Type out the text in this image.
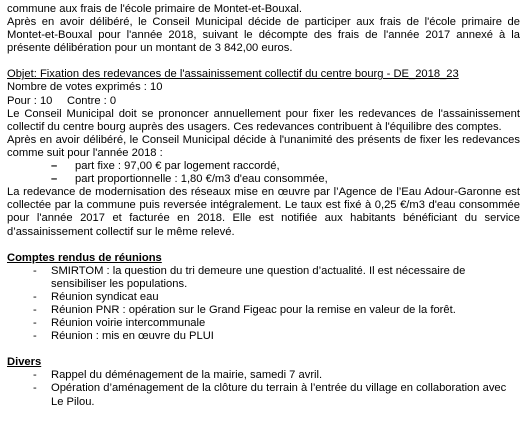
commune aux frais de l'école primaire de Montet-et-Bouxal.

Après en avoir délibéré, le Conseil Municipal décide de participer aux frais de l'école primaire de Montet-et-Bouxal pour l'année 2018, suivant le décompte des frais de l'année 2017 annexé à la présente délibération pour un montant de 3 842,00 euros.

Objet: Fixation des redevances de l'assainissement collectif du centre bourg - DE_2018_23

Nombre de votes exprimés : 10

Pour : 10	Contre : 0

Le Conseil Municipal doit se prononcer annuellement pour fixer les redevances de l'assainissement collectif du centre bourg auprès des usagers. Ces redevances contribuent à l'équilibre des comptes.

Après en avoir délibéré, le Conseil Municipal décide à l'unanimité des présents de fixer les redevances comme suit pour l'année 2018 :

– part fixe : 97,00 € par logement raccordé,
– part proportionnelle : 1,80 €/m3 d'eau consommée,

La redevance de modernisation des réseaux mise en œuvre par l’Agence de l’Eau Adour-Garonne est collectée par la commune puis reversée intégralement. Le taux est fixé à 0,25 €/m3 d'eau consommée pour l'année 2017 et facturée en 2018. Elle est notifiée aux habitants bénéficiant du service d’assainissement collectif sur le même relevé.

Comptes rendus de réunions

- SMIRTOM : la question du tri demeure une question d’actualité. Il est nécessaire de sensibiliser les populations.
- Réunion syndicat eau
- Réunion PNR : opération sur le Grand Figeac pour la remise en valeur de la forêt.
- Réunion voirie intercommunale
- Réunion : mis en œuvre du PLUI

Divers

- Rappel du déménagement de la mairie, samedi 7 avril.
- Opération d’aménagement de la clôture du terrain à l’entrée du village en collaboration avec Le Pilou.
